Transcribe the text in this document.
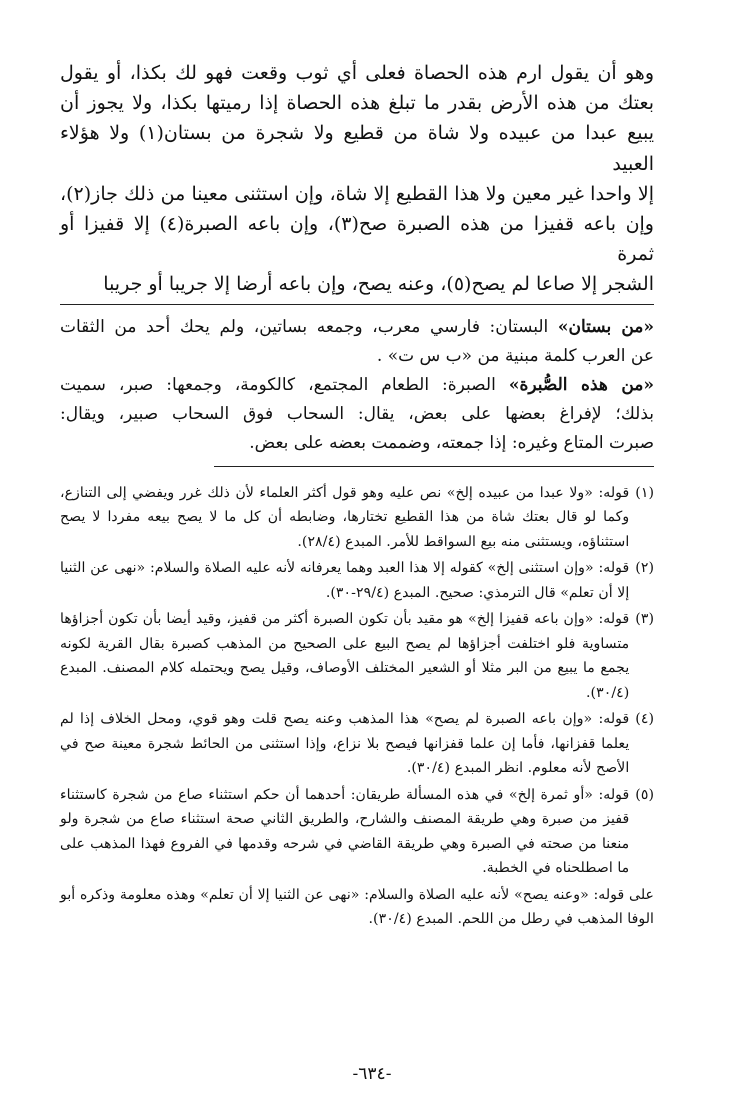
وهو أن يقول ارم هذه الحصاة فعلى أي ثوب وقعت فهو لك بكذا، أو يقول

بعتك من هذه الأرض بقدر ما تبلغ هذه الحصاة إذا رميتها بكذا، ولا يجوز أن

يبيع عبدا من عبيده ولا شاة من قطيع ولا شجرة من بستان(١) ولا هؤلاء العبيد

إلا واحدا غير معين ولا هذا القطيع إلا شاة، وإن استثنى معينا من ذلك جاز(٢)،

وإن باعه قفيزا من هذه الصبرة صح(٣)، وإن باعه الصبرة(٤) إلا قفيزا أو ثمرة

الشجر إلا صاعا لم يصح(٥)، وعنه يصح، وإن باعه أرضا إلا جريبا أو جريبا

«من بستان» البستان: فارسي معرب، وجمعه بساتين، ولم يحك أحد من الثقات

عن العرب كلمة مبنية من «ب س ت» .

«من هذه الصُّبرة» الصبرة: الطعام المجتمع، كالكومة، وجمعها: صبر، سميت

بذلك؛ لإفراغ بعضها على بعض، يقال: السحاب فوق السحاب صبير، ويقال:

صبرت المتاع وغيره: إذا جمعته، وضممت بعضه على بعض.

(١)
قوله: «ولا عبدا من عبيده إلخ» نص عليه وهو قول أكثر العلماء لأن ذلك غرر ويفضي إلى التنازع، وكما لو قال بعتك شاة من هذا القطيع تختارها، وضابطه أن كل ما لا يصح بيعه مفردا لا يصح استثناؤه، ويستثنى منه بيع السواقط للأمر. المبدع (٢٨/٤).
(٢)
قوله: «وإن استثنى إلخ» كقوله إلا هذا العبد وهما يعرفانه لأنه عليه الصلاة والسلام: «نهى عن الثنيا إلا أن تعلم» قال الترمذي: صحيح. المبدع (٢٩/٤-٣٠).
(٣)
قوله: «وإن باعه قفيزا إلخ» هو مقيد بأن تكون الصبرة أكثر من قفيز، وقيد أيضا بأن تكون أجزاؤها متساوية فلو اختلفت أجزاؤها لم يصح البيع على الصحيح من المذهب كصبرة بقال القرية لكونه يجمع ما يبيع من البر مثلا أو الشعير المختلف الأوصاف، وقيل يصح ويحتمله كلام المصنف. المبدع (٣٠/٤).
(٤)
قوله: «وإن باعه الصبرة لم يصح» هذا المذهب وعنه يصح قلت وهو قوي، ومحل الخلاف إذا لم يعلما قفزانها، فأما إن علما قفزانها فيصح بلا نزاع، وإذا استثنى من الحائط شجرة معينة صح في الأصح لأنه معلوم. انظر المبدع (٣٠/٤).
(٥)
قوله: «أو ثمرة إلخ» في هذه المسألة طريقان: أحدهما أن حكم استثناء صاع من شجرة كاستثناء قفيز من صبرة وهي طريقة المصنف والشارح، والطريق الثاني صحة استثناء صاع من شجرة ولو منعنا من صحته في الصبرة وهي طريقة القاضي في شرحه وقدمها في الفروع فهذا المذهب على ما اصطلحناه في الخطبة.
على قوله: «وعنه يصح» لأنه عليه الصلاة والسلام: «نهى عن الثنيا إلا أن تعلم» وهذه معلومة وذكره أبو الوفا المذهب في رطل من اللحم. المبدع (٣٠/٤).
-٦٣٤-
